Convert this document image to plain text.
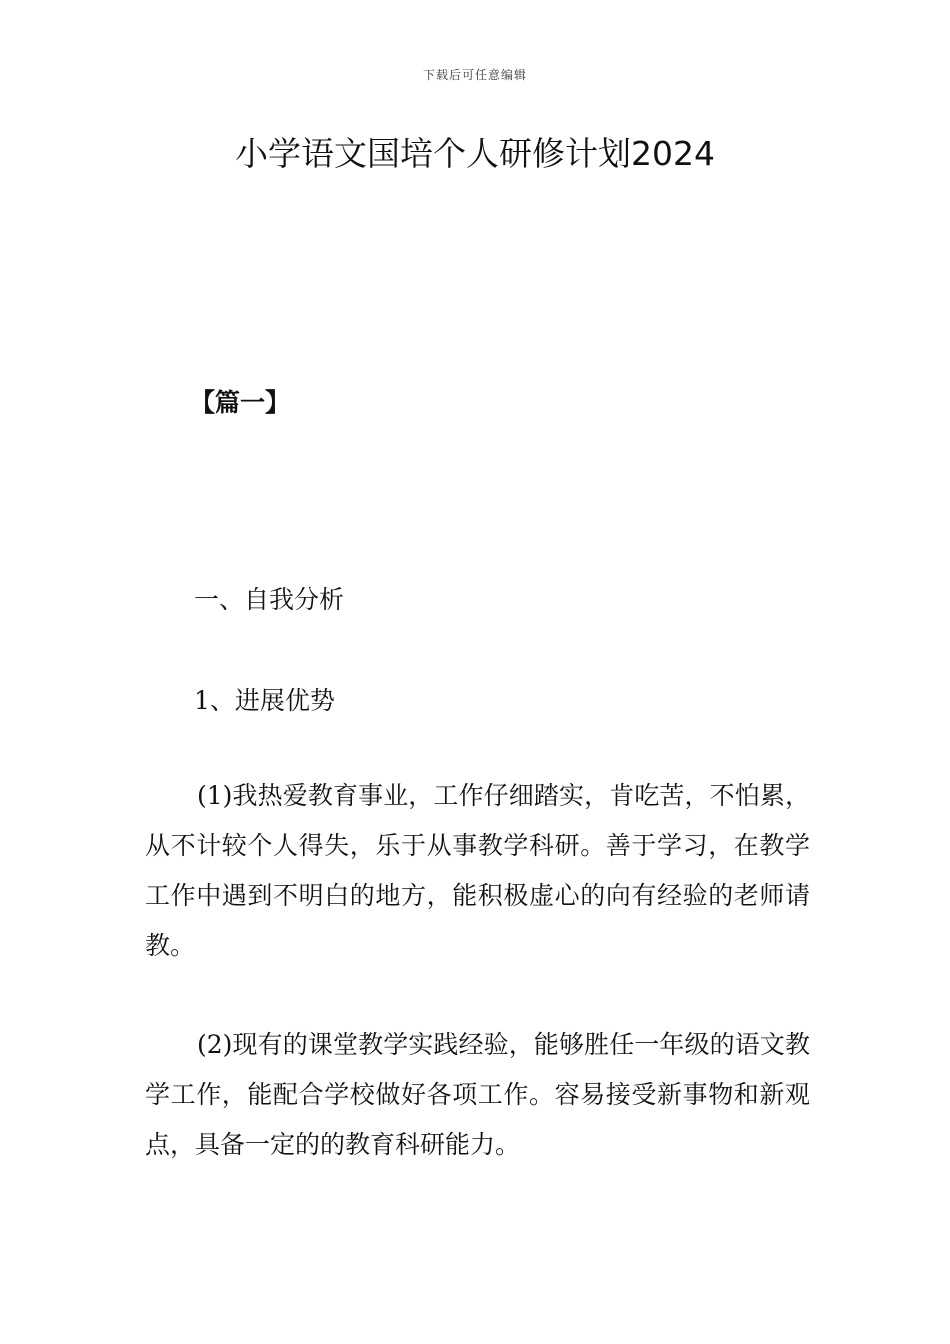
下载后可任意编辑
小学语文国培个人研修计划2024
【篇一】
一、自我分析
1、进展优势

(1)我热爱教育事业，工作仔细踏实，肯吃苦，不怕累，从不计较个人得失，乐于从事教学科研。善于学习，在教学工作中遇到不明白的地方，能积极虚心的向有经验的老师请教。

(2)现有的课堂教学实践经验，能够胜任一年级的语文教学工作，能配合学校做好各项工作。容易接受新事物和新观点，具备一定的的教育科研能力。
